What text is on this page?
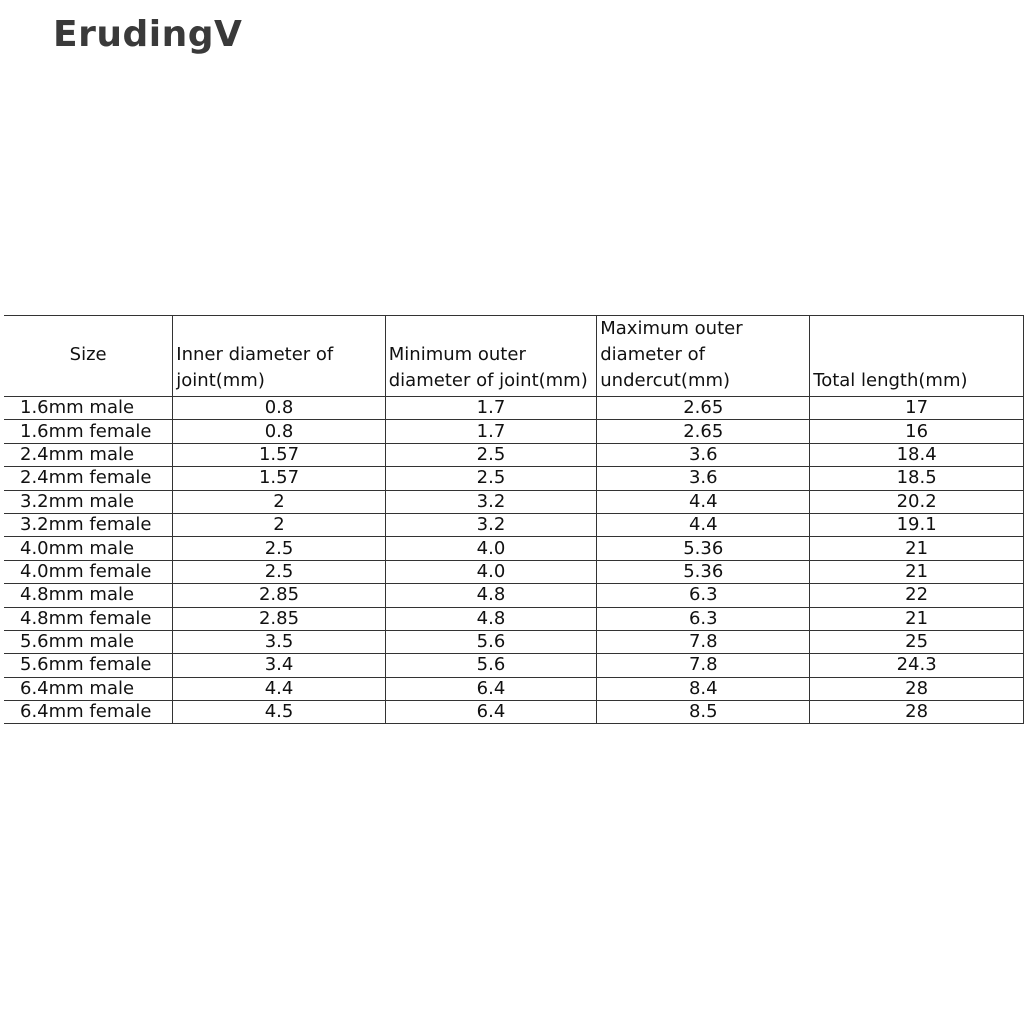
ErudingV
Size	Inner diameter of joint(mm)	Minimum outer diameter of joint(mm)	Maximum outer diameter of undercut(mm)	Total length(mm)
1.6mm male	0.8	1.7	2.65	17
1.6mm female	0.8	1.7	2.65	16
2.4mm male	1.57	2.5	3.6	18.4
2.4mm female	1.57	2.5	3.6	18.5
3.2mm male	2	3.2	4.4	20.2
3.2mm female	2	3.2	4.4	19.1
4.0mm male	2.5	4.0	5.36	21
4.0mm female	2.5	4.0	5.36	21
4.8mm male	2.85	4.8	6.3	22
4.8mm female	2.85	4.8	6.3	21
5.6mm male	3.5	5.6	7.8	25
5.6mm female	3.4	5.6	7.8	24.3
6.4mm male	4.4	6.4	8.4	28
6.4mm female	4.5	6.4	8.5	28
